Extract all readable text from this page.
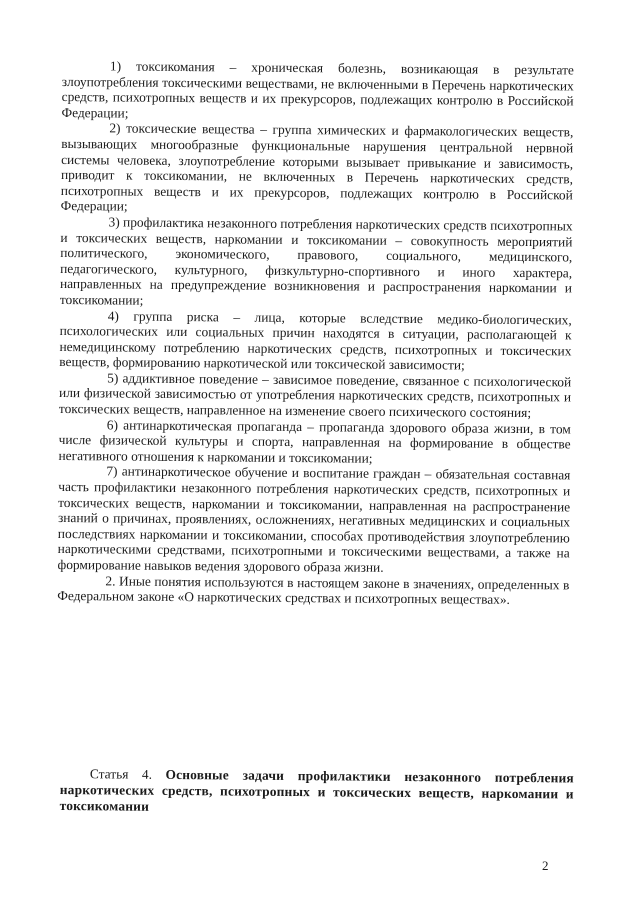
1) токсикомания – хроническая болезнь, возникающая в результате злоупотребления токсическими веществами, не включенными в Перечень наркотических средств, психотропных веществ и их прекурсоров, подлежащих контролю в Российской Федерации;

2) токсические вещества – группа химических и фармакологических веществ, вызывающих многообразные функциональные нарушения центральной нервной системы человека, злоупотребление которыми вызывает привыкание и зависимость, приводит к токсикомании, не включенных в Перечень наркотических средств, психотропных веществ и их прекурсоров, подлежащих контролю в Российской Федерации;

3) профилактика незаконного потребления наркотических средств психотропных и токсических веществ, наркомании и токсикомании – совокупность мероприятий политического, экономического, правового, социального, медицинского, педагогического, культурного, физкультурно-спортивного и иного характера, направленных на предупреждение возникновения и распространения наркомании и токсикомании;

4) группа риска – лица, которые вследствие медико-биологических, психологических или социальных причин находятся в ситуации, располагающей к немедицинскому потреблению наркотических средств, психотропных и токсических веществ, формированию наркотической или токсической зависимости;

5) аддиктивное поведение – зависимое поведение, связанное с психологической или физической зависимостью от употребления наркотических средств, психотропных и токсических веществ, направленное на изменение своего психического состояния;

6) антинаркотическая пропаганда – пропаганда здорового образа жизни, в том числе физической культуры и спорта, направленная на формирование в обществе негативного отношения к наркомании и токсикомании;

7) антинаркотическое обучение и воспитание граждан – обязательная составная часть профилактики незаконного потребления наркотических средств, психотропных и токсических веществ, наркомании и токсикомании, направленная на распространение знаний о причинах, проявлениях, осложнениях, негативных медицинских и социальных последствиях наркомании и токсикомании, способах противодействия злоупотреблению наркотическими средствами, психотропными и токсическими веществами, а также на формирование навыков ведения здорового образа жизни.

2. Иные понятия используются в настоящем законе в значениях, определенных в Федеральном законе «О наркотических средствах и психотропных веществах».

Статья 4. Основные задачи профилактики незаконного потребления наркотических средств, психотропных и токсических веществ, наркомании и токсикомании
2
